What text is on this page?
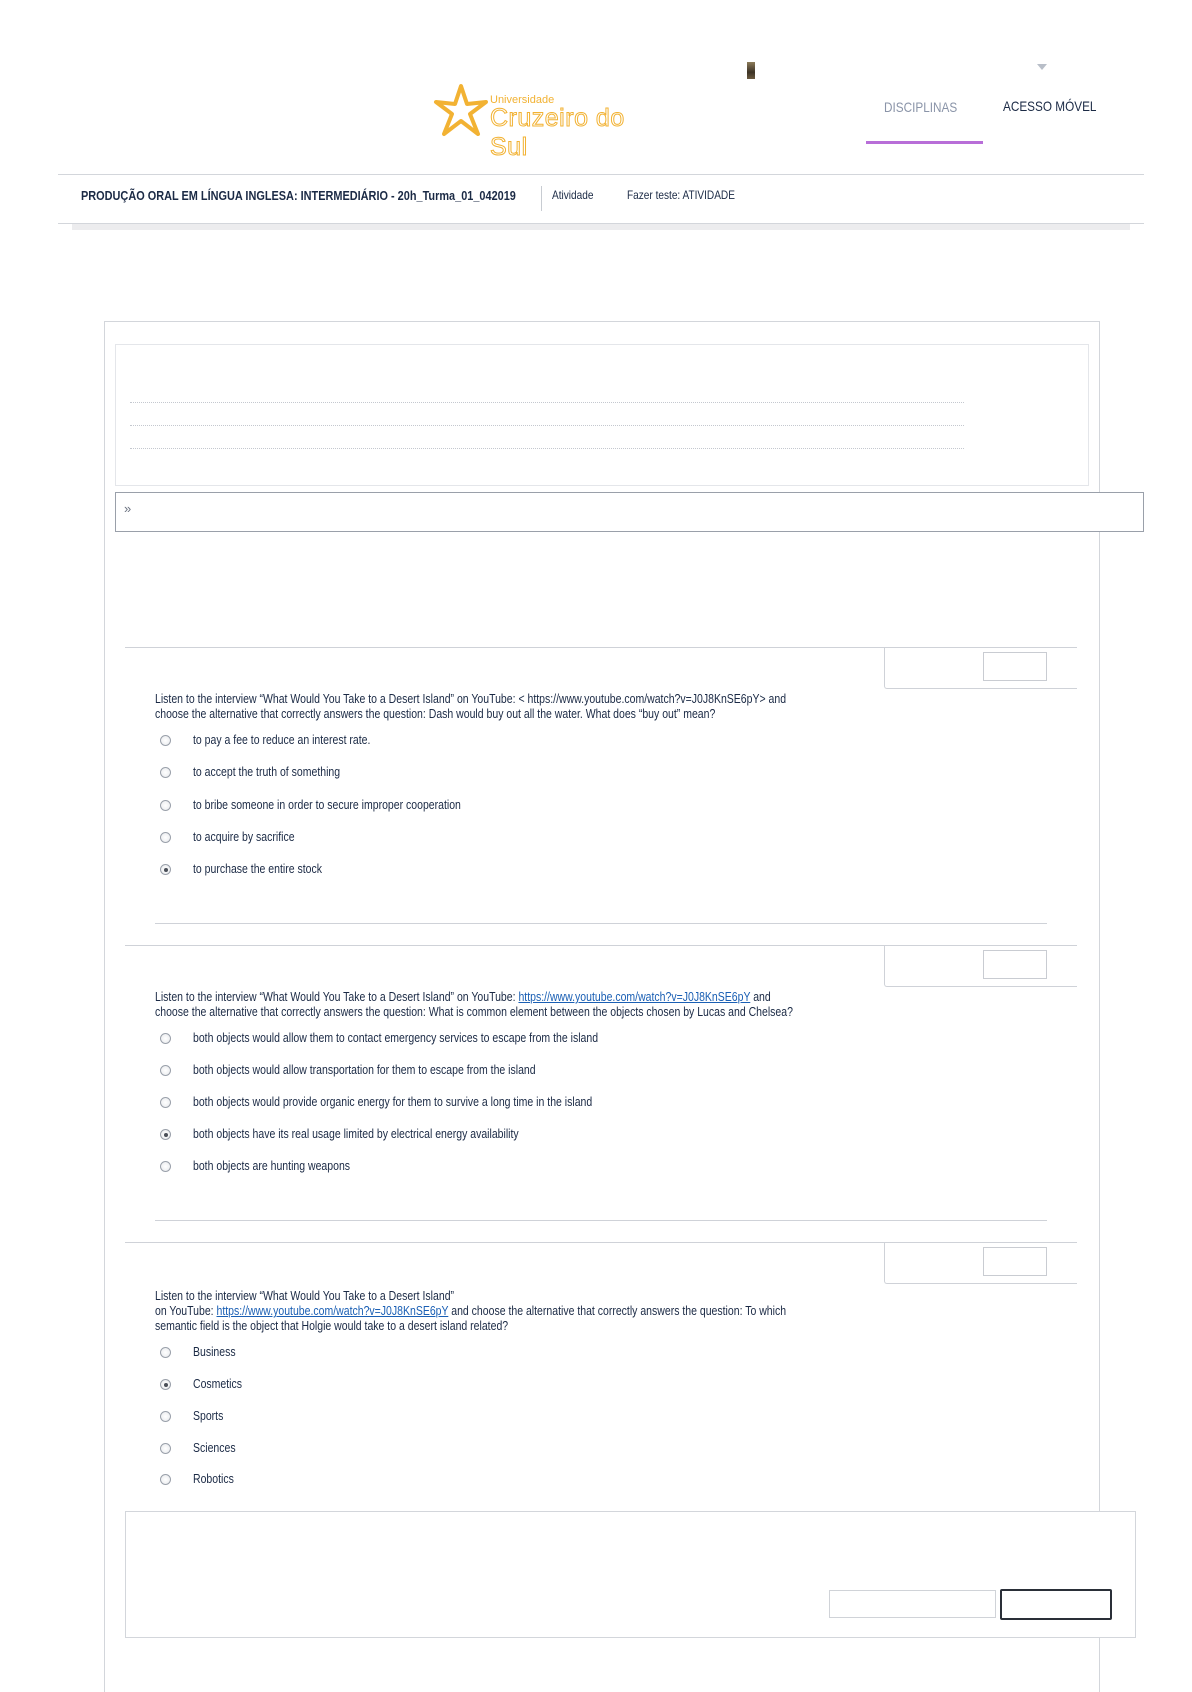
Universidade
Cruzeiro do Sul
DISCIPLINAS	ACESSO MÓVEL
PRODUÇÃO ORAL EM LÍNGUA INGLESA: INTERMEDIÁRIO - 20h_Turma_01_042019	Atividade	Fazer teste: ATIVIDADE
»
Listen to the interview “What Would You Take to a Desert Island” on YouTube: < https://www.youtube.com/watch?v=J0J8KnSE6pY> and
choose the alternative that correctly answers the question: Dash would buy out all the water. What does “buy out” mean?
to pay a fee to reduce an interest rate.
to accept the truth of something
to bribe someone in order to secure improper cooperation
to acquire by sacrifice
to purchase the entire stock
Listen to the interview “What Would You Take to a Desert Island” on YouTube: https://www.youtube.com/watch?v=J0J8KnSE6pY and
choose the alternative that correctly answers the question: What is common element between the objects chosen by Lucas and Chelsea?
both objects would allow them to contact emergency services to escape from the island
both objects would allow transportation for them to escape from the island
both objects would provide organic energy for them to survive a long time in the island
both objects have its real usage limited by electrical energy availability
both objects are hunting weapons
Listen to the interview “What Would You Take to a Desert Island”
on YouTube: https://www.youtube.com/watch?v=J0J8KnSE6pY and choose the alternative that correctly answers the question: To which
semantic field is the object that Holgie would take to a desert island related?
Business
Cosmetics
Sports
Sciences
Robotics
